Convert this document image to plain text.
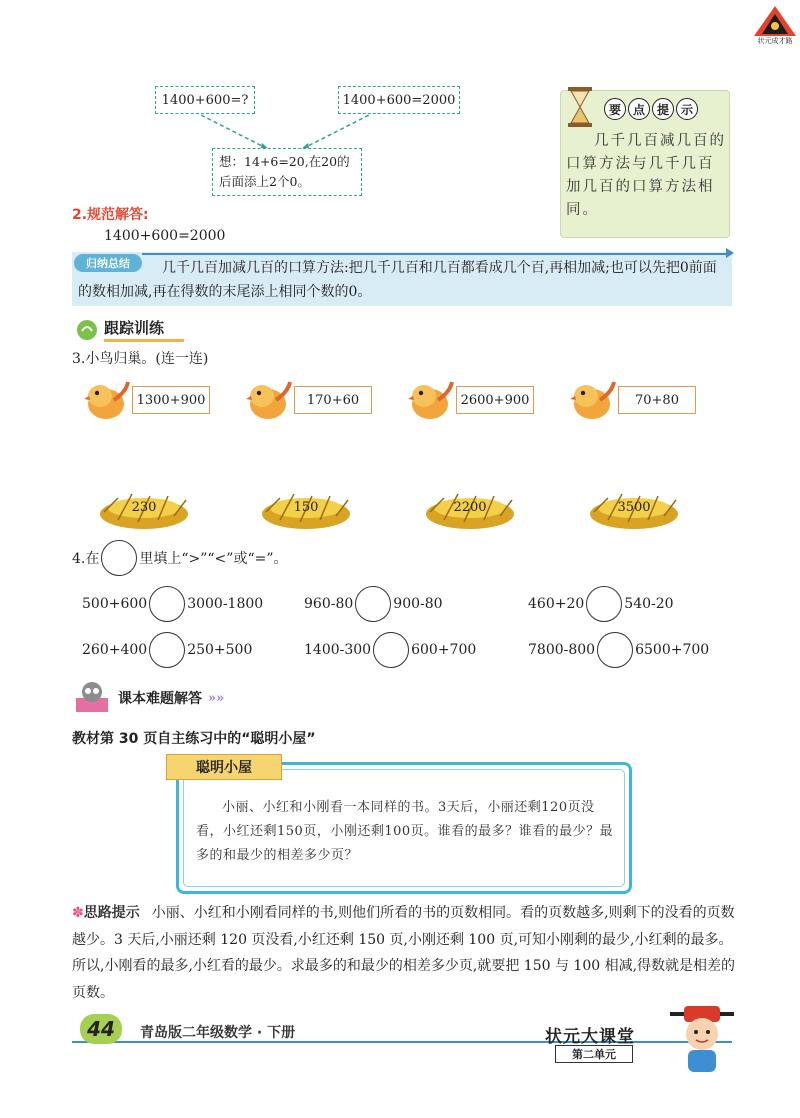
状元成才路
1400+600=?	1400+600=2000
想：14+6=20,在20的
后面添上2个0。
要 点 提 示
几千几百减几百的口算方法与几千几百加几百的口算方法相同。
2.规范解答:
1400+600=2000
几千几百加减几百的口算方法:把几千几百和几百都看成几个百,再相加减;也可以先把0前面的数相加减,再在得数的末尾添上相同个数的0。
归纳总结
跟踪训练
3.小鸟归巢。(连一连)
1300+900	170+60	2600+900	70+80
230	150	2200	3500
4.在	里填上“>”“<”或“=”。
500+600	3000-1800	960-80	900-80	460+20	540-20
260+400	250+500	1400-300	600+700	7800-800	6500+700
课本难题解答 »»
教材第 30 页自主练习中的“聪明小屋”
聪明小屋
小丽、小红和小刚看一本同样的书。3天后，小丽还剩120页没看，小红还剩150页，小刚还剩100页。谁看的最多？谁看的最少？最多的和最少的相差多少页？
✽思路提示 小丽、小红和小刚看同样的书,则他们所看的书的页数相同。看的页数越多,则剩下的没看的页数越少。3 天后,小丽还剩 120 页没看,小红还剩 150 页,小刚还剩 100 页,可知小刚剩的最少,小红剩的最多。所以,小刚看的最多,小红看的最少。求最多的和最少的相差多少页,就要把 150 与 100 相减,得数就是相差的页数。
44	青岛版二年级数学 · 下册	状元大课堂
第二单元
